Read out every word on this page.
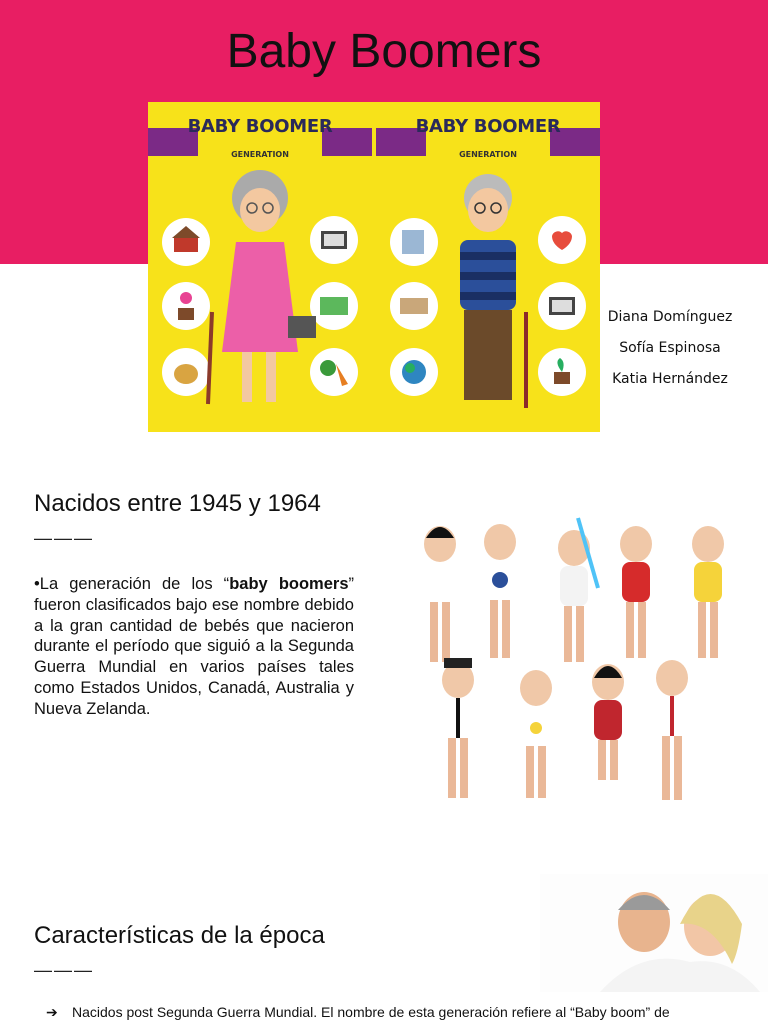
Baby Boomers
BABY BOOMER
GENERATION
BABY BOOMER
GENERATION
Diana Domínguez
Sofía Espinosa
Katia Hernández
Nacidos entre 1945 y 1964
———
•La generación de los “baby boomers” fueron clasificados bajo ese nombre debido a la gran cantidad de bebés que nacieron durante el período que siguió a la Segunda Guerra Mundial en varios países tales como Estados Unidos, Canadá, Australia y Nueva Zelanda.
Características de la época
———
➔ Nacidos post Segunda Guerra Mundial. El nombre de esta generación refiere al “Baby boom” de
